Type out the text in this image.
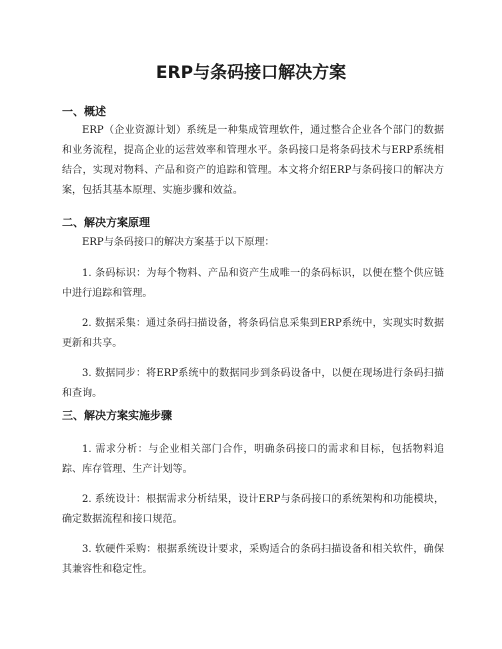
ERP与条码接口解决方案
一、概述

ERP（企业资源计划）系统是一种集成管理软件，通过整合企业各个部门的数据和业务流程，提高企业的运营效率和管理水平。条码接口是将条码技术与ERP系统相结合，实现对物料、产品和资产的追踪和管理。本文将介绍ERP与条码接口的解决方案，包括其基本原理、实施步骤和效益。

二、解决方案原理

ERP与条码接口的解决方案基于以下原理：

1. 条码标识：为每个物料、产品和资产生成唯一的条码标识，以便在整个供应链中进行追踪和管理。

2. 数据采集：通过条码扫描设备，将条码信息采集到ERP系统中，实现实时数据更新和共享。

3. 数据同步：将ERP系统中的数据同步到条码设备中，以便在现场进行条码扫描和查询。

三、解决方案实施步骤

1. 需求分析：与企业相关部门合作，明确条码接口的需求和目标，包括物料追踪、库存管理、生产计划等。

2. 系统设计：根据需求分析结果，设计ERP与条码接口的系统架构和功能模块，确定数据流程和接口规范。

3. 软硬件采购：根据系统设计要求，采购适合的条码扫描设备和相关软件，确保其兼容性和稳定性。
